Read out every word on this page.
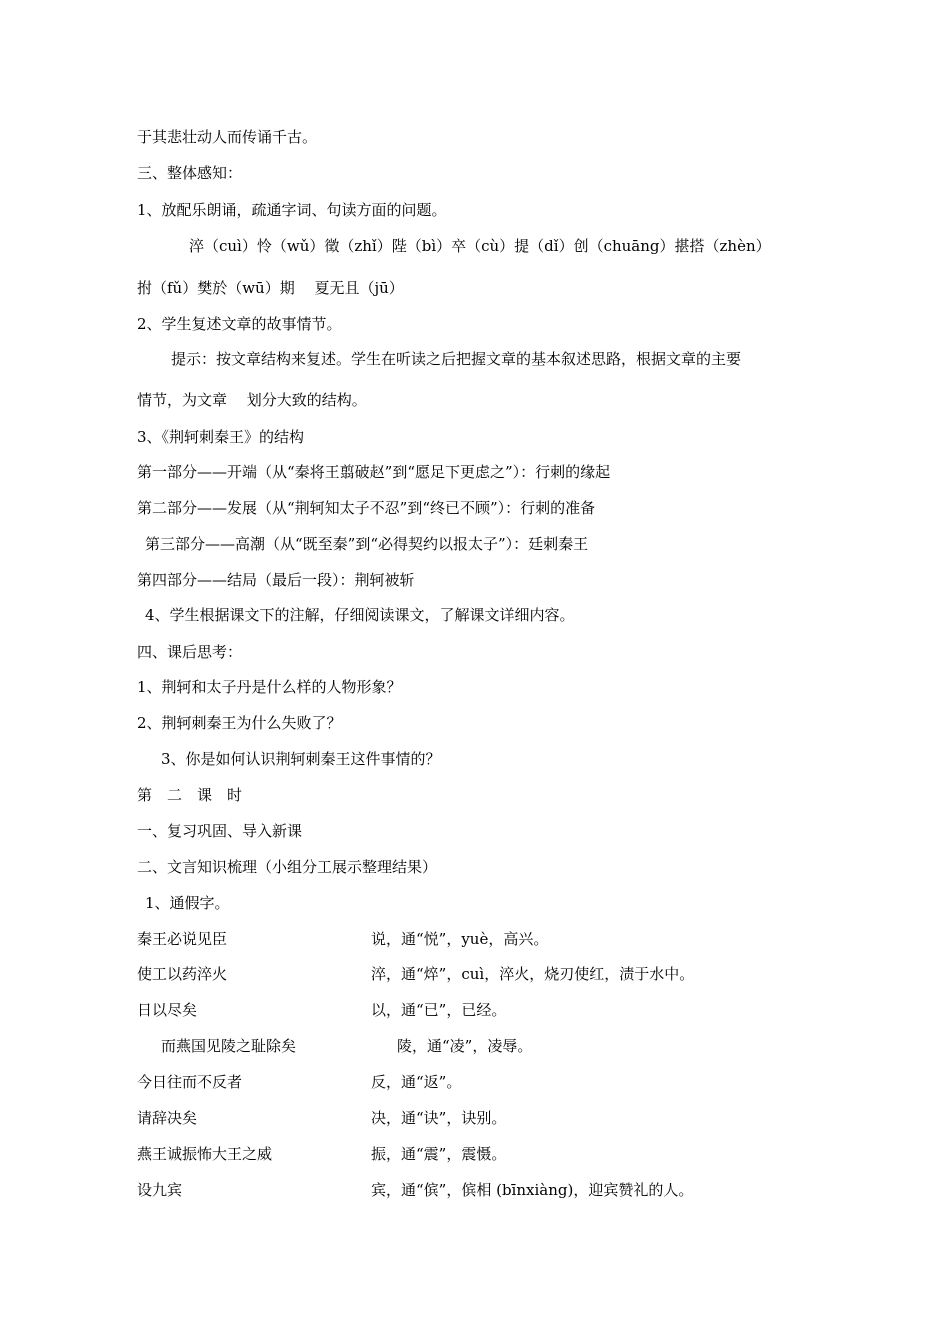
于其悲壮动人而传诵千古。
三、整体感知：
1、放配乐朗诵，疏通字词、句读方面的问题。
淬（cuì）怜（wǔ）徵（zhǐ）陛（bì）卒（cù）提（dǐ）创（chuāng）揕搭（zhèn）
拊（fǔ）樊於（wū）期　 夏无且（jū）
2、学生复述文章的故事情节。
提示：按文章结构来复述。学生在听读之后把握文章的基本叙述思路，根据文章的主要
情节，为文章　 划分大致的结构。
3、《荆轲刺秦王》的结构
第一部分——开端（从“秦将王翦破赵”到“愿足下更虑之”）：行刺的缘起
第二部分——发展（从“荆轲知太子不忍”到“终已不顾”）：行刺的准备
第三部分——高潮（从“既至秦”到“必得契约以报太子”）：廷刺秦王
第四部分——结局（最后一段）：荆轲被斩
4、学生根据课文下的注解，仔细阅读课文，了解课文详细内容。
四、课后思考：
1、荆轲和太子丹是什么样的人物形象？
2、荆轲刺秦王为什么失败了？
3、你是如何认识荆轲刺秦王这件事情的？
第　二　课　时
一、复习巩固、导入新课
二、文言知识梳理（小组分工展示整理结果）
1、通假字。
秦王必说见臣	说，通“悦”，yuè，高兴。
使工以药淬火	淬，通“焠”，cuì，淬火，烧刃使红，渍于水中。
日以尽矣	以，通“已”，已经。
而燕国见陵之耻除矣	陵，通“凌”，凌辱。
今日往而不反者	反，通“返”。
请辞决矣	决，通“诀”，诀别。
燕王诚振怖大王之威	振，通“震”，震慑。
设九宾	宾，通“傧”，傧相 (bīnxiàng)，迎宾赞礼的人。
